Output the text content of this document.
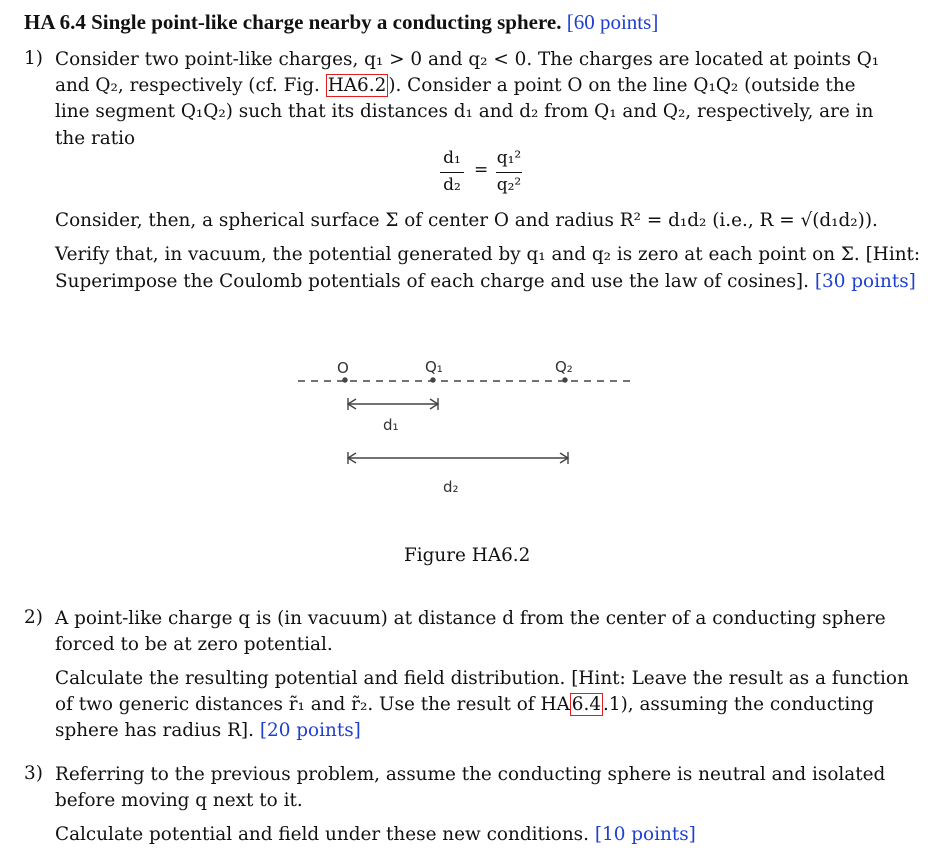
HA 6.4 Single point-like charge nearby a conducting sphere. [60 points]
1) Consider two point-like charges, q₁ > 0 and q₂ < 0. The charges are located at points Q₁
and Q₂, respectively (cf. Fig. HA6.2 ). Consider a point O on the line Q₁Q₂ (outside the
line segment Q₁Q₂) such that its distances d₁ and d₂ from Q₁ and Q₂, respectively, are in
the ratio
d₁
d₂
=
q₁²
q₂²
Consider, then, a spherical surface Σ of center O and radius R² = d₁d₂ (i.e., R = √(d₁d₂)).
Verify that, in vacuum, the potential generated by q₁ and q₂ is zero at each point on Σ. [Hint:
Superimpose the Coulomb potentials of each charge and use the law of cosines]. [30 points]
O	Q₁	Q₂
d₁
d₂
Figure HA6.2
2) A point-like charge q is (in vacuum) at distance d from the center of a conducting sphere
forced to be at zero potential.
Calculate the resulting potential and field distribution. [Hint: Leave the result as a function
of two generic distances r̃₁ and r̃₂. Use the result of HA 6.4 .1), assuming the conducting
sphere has radius R]. [20 points]
3) Referring to the previous problem, assume the conducting sphere is neutral and isolated
before moving q next to it.
Calculate potential and field under these new conditions. [10 points]
